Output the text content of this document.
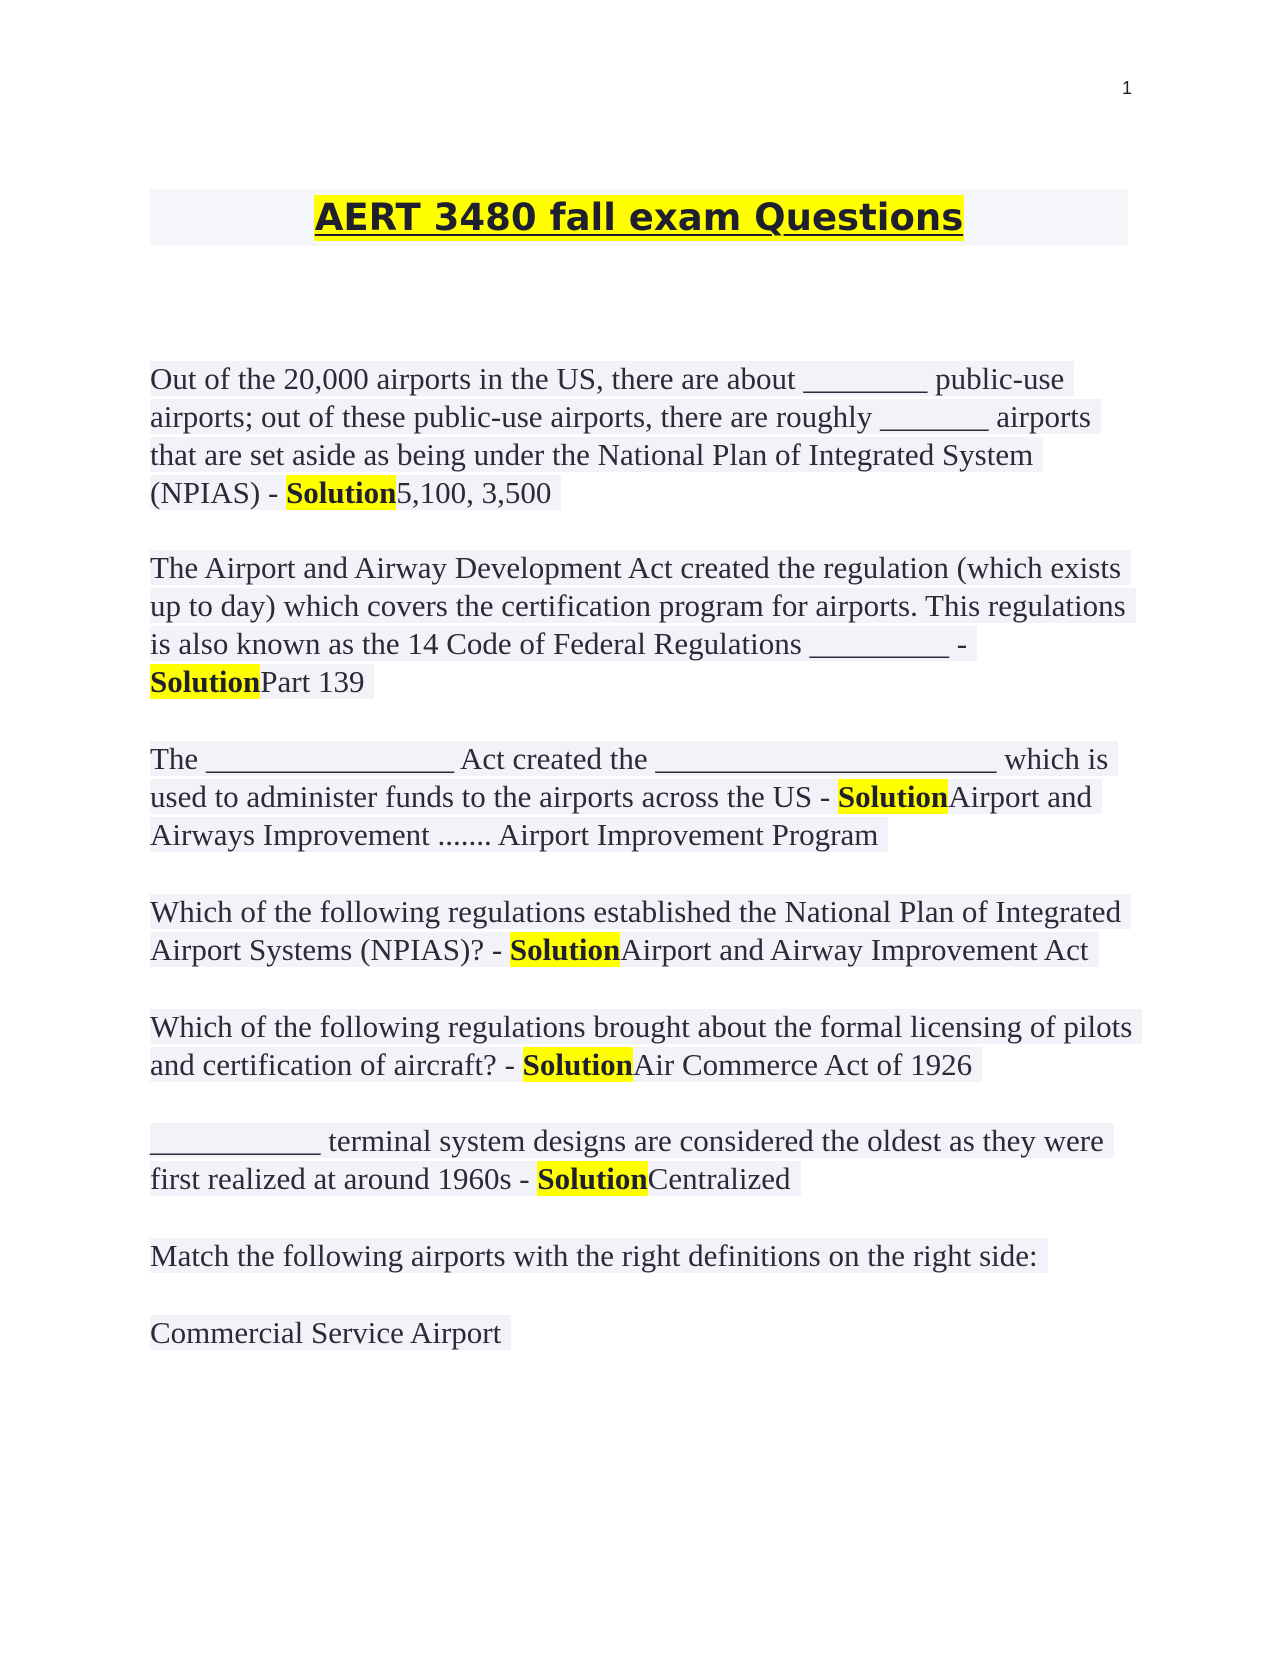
1
AERT 3480 fall exam Questions

Out of the 20,000 airports in the US, there are about ________ public-use airports; out of these public-use airports, there are roughly _______ airports that are set aside as being under the National Plan of Integrated System (NPIAS) - Solution5,100, 3,500

The Airport and Airway Development Act created the regulation (which exists up to day) which covers the certification program for airports. This regulations is also known as the 14 Code of Federal Regulations _________ - SolutionPart 139

The ________________ Act created the ______________________ which is used to administer funds to the airports across the US - SolutionAirport and Airways Improvement ....... Airport Improvement Program

Which of the following regulations established the National Plan of Integrated Airport Systems (NPIAS)? - SolutionAirport and Airway Improvement Act

Which of the following regulations brought about the formal licensing of pilots and certification of aircraft? - SolutionAir Commerce Act of 1926

___________ terminal system designs are considered the oldest as they were first realized at around 1960s - SolutionCentralized

Match the following airports with the right definitions on the right side:

Commercial Service Airport
